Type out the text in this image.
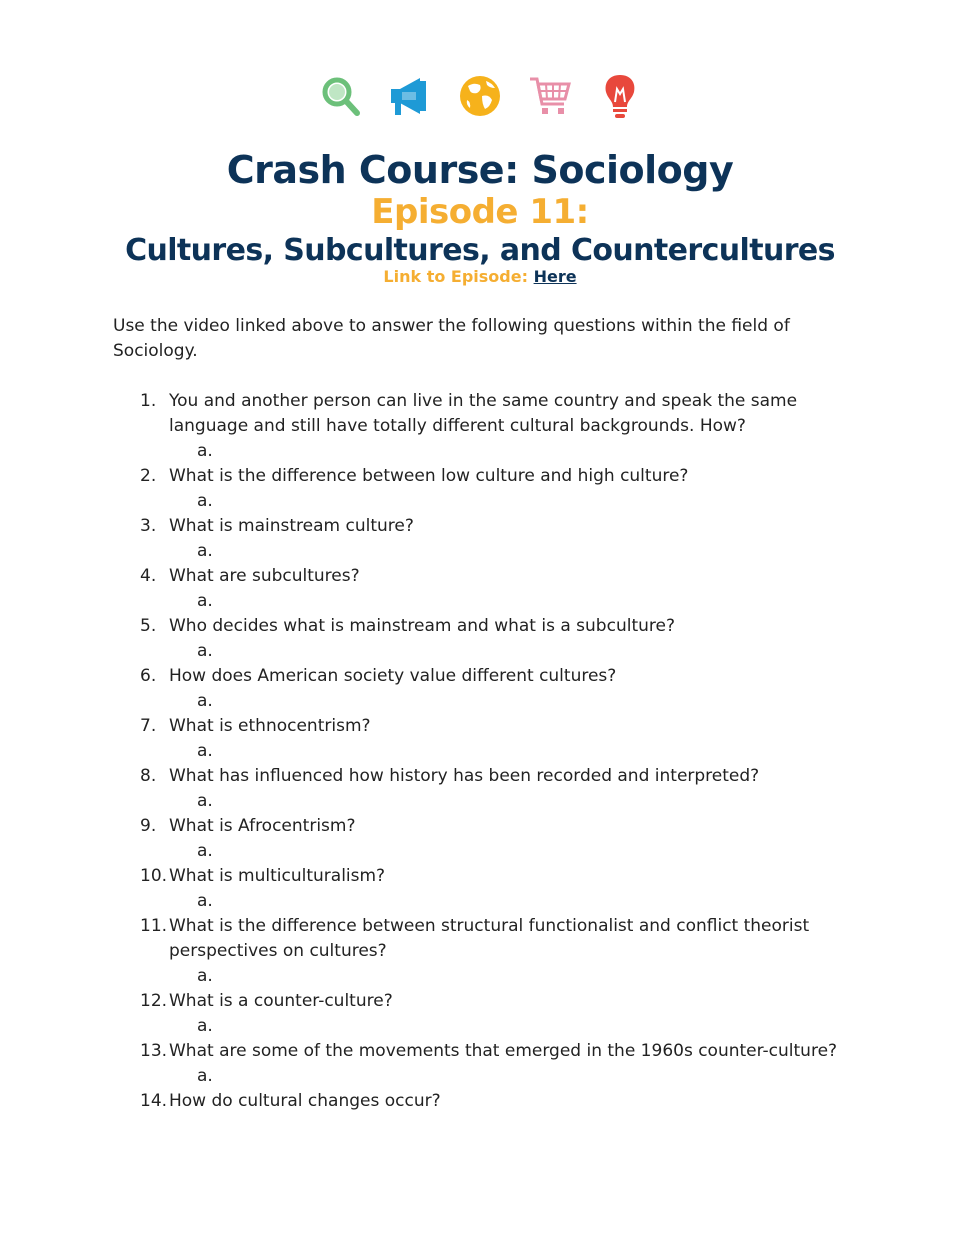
Crash Course: Sociology
Episode 11:
Cultures, Subcultures, and Countercultures
Link to Episode: Here
Use the video linked above to answer the following questions within the field of Sociology.
1. You and another person can live in the same country and speak the same language and still have totally different cultural backgrounds. How?
a.
2. What is the difference between low culture and high culture?
a.
3. What is mainstream culture?
a.
4. What are subcultures?
a.
5. Who decides what is mainstream and what is a subculture?
a.
6. How does American society value different cultures?
a.
7. What is ethnocentrism?
a.
8. What has influenced how history has been recorded and interpreted?
a.
9. What is Afrocentrism?
a.
10. What is multiculturalism?
a.
11. What is the difference between structural functionalist and conflict theorist perspectives on cultures?
a.
12. What is a counter-culture?
a.
13. What are some of the movements that emerged in the 1960s counter-culture?
a.
14. How do cultural changes occur?
